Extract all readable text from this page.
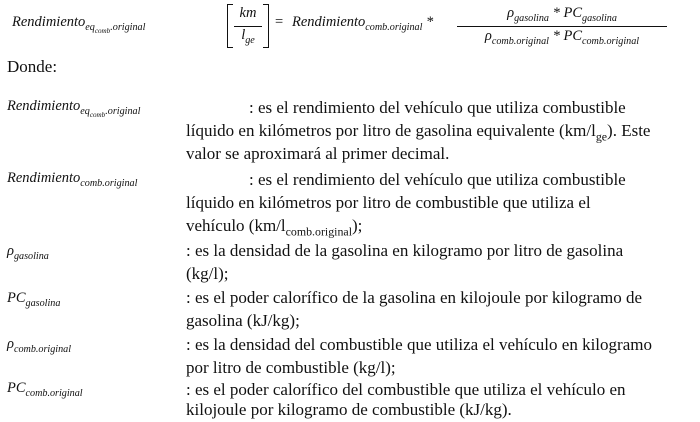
Rendimiento$_{eq_{comb}.original}$
km
$l_{ge}$
= Rendimiento$_{comb.original}$ *
$\rho_{gasolina} * PC_{gasolina}$
$\rho_{comb.original} * PC_{comb.original}$
Donde:
Rendimiento$_{eq_{comb}.original}$	: es el rendimiento del vehículo que utiliza combustible
líquido en kilómetros por litro de gasolina equivalente $(km/l_{ge})$. Este
valor se aproximará al primer decimal.
Rendimiento$_{comb.original}$	: es el rendimiento del vehículo que utiliza combustible
líquido en kilómetros por litro de combustible que utiliza el
vehículo $(km/l_{comb.original})$;
$\rho_{gasolina}$	: es la densidad de la gasolina en kilogramo por litro de gasolina
(kg/l);
$PC_{gasolina}$	: es el poder calorífico de la gasolina en kilojoule por kilogramo de
gasolina (kJ/kg);
$\rho_{comb.original}$	: es la densidad del combustible que utiliza el vehículo en kilogramo
por litro de combustible (kg/l);
$PC_{comb.original}$	: es el poder calorífico del combustible que utiliza el vehículo en
kilojoule por kilogramo de combustible (kJ/kg).
